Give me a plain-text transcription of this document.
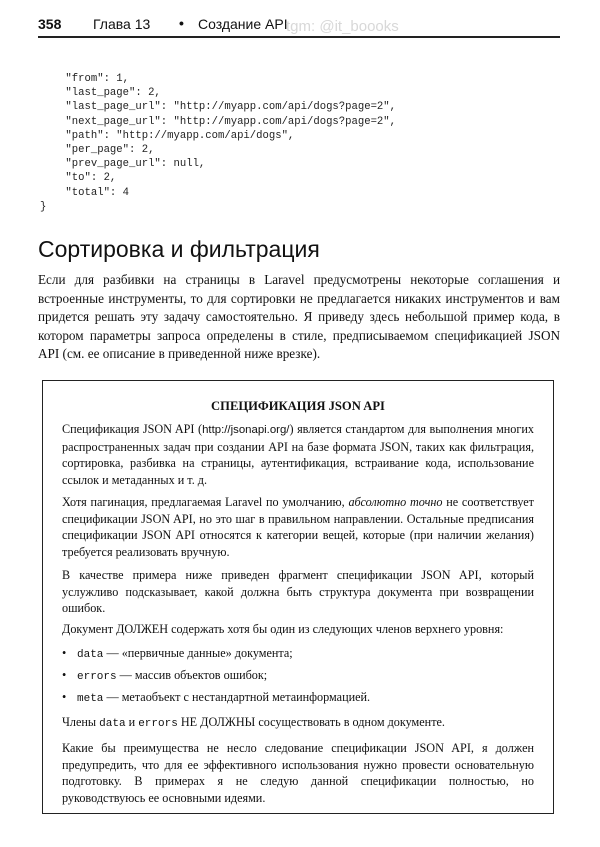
358 Глава 13 • Создание API
tgm: @it_boooks
"from": 1,
"last_page": 2,
"last_page_url": "http://myapp.com/api/dogs?page=2",
"next_page_url": "http://myapp.com/api/dogs?page=2",
"path": "http://myapp.com/api/dogs",
"per_page": 2,
"prev_page_url": null,
"to": 2,
"total": 4
}
Сортировка и фильтрация

Если для разбивки на страницы в Laravel предусмотрены некоторые соглашения и встроенные инструменты, то для сортировки не предлагается никаких инструментов и вам придется решать эту задачу самостоятельно. Я приведу здесь небольшой пример кода, в котором параметры запроса определены в стиле, предписываемом спецификацией JSON API (см. ее описание в приведенной ниже врезке).

СПЕЦИФИКАЦИЯ JSON API

Спецификация JSON API (http://jsonapi.org/) является стандартом для выполнения многих распространенных задач при создании API на базе формата JSON, таких как фильтрация, сортировка, разбивка на страницы, аутентификация, встраивание кода, использование ссылок и метаданных и т. д.

Хотя пагинация, предлагаемая Laravel по умолчанию, абсолютно точно не соответствует спецификации JSON API, но это шаг в правильном направлении. Остальные предписания спецификации JSON API относятся к категории вещей, которые (при наличии желания) требуется реализовать вручную.

В качестве примера ниже приведен фрагмент спецификации JSON API, который услужливо подсказывает, какой должна быть структура документа при возвращении ошибок.

Документ ДОЛЖЕН содержать хотя бы один из следующих членов верхнего уровня:

• data — «первичные данные» документа;
• errors — массив объектов ошибок;
• meta — метаобъект с нестандартной метаинформацией.

Члены data и errors НЕ ДОЛЖНЫ сосуществовать в одном документе.

Какие бы преимущества не несло следование спецификации JSON API, я должен предупредить, что для ее эффективного использования нужно провести основательную подготовку. В примерах я не следую данной спецификации полностью, но руководствуюсь ее основными идеями.
